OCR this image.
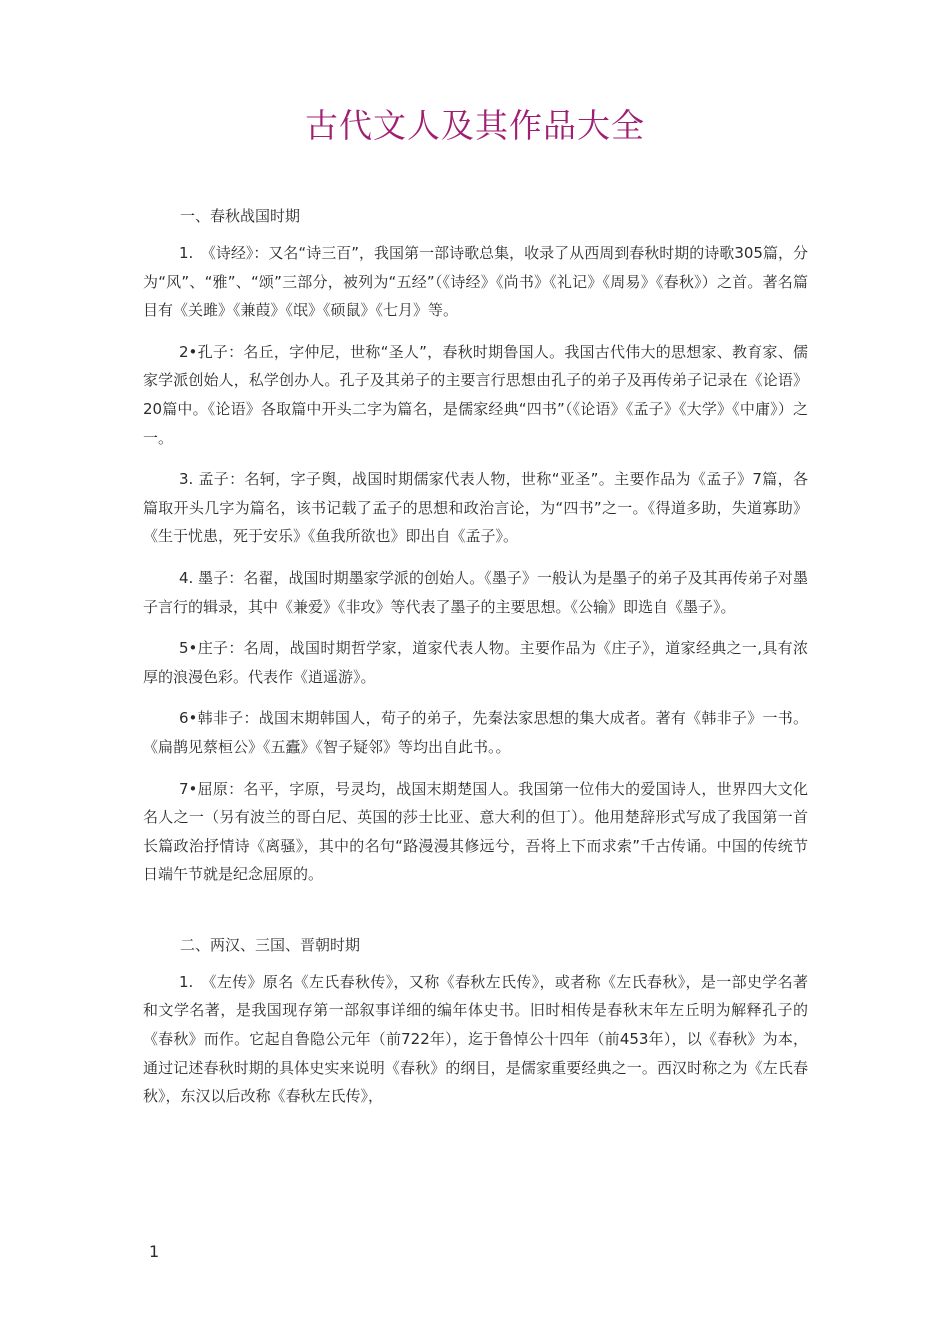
古代文人及其作品大全

一、春秋战国时期

1.　《诗经》：又名“诗三百”，我国第一部诗歌总集，收录了从西周到春秋时期的诗歌305篇，分为“风”、“雅”、“颂”三部分，被列为“五经”（《诗经》《尚书》《礼记》《周易》《春秋》）之首。著名篇目有《关雎》《兼葭》《氓》《硕鼠》《七月》等。

2•孔子：名丘，字仲尼，世称“圣人”，春秋时期鲁国人。我国古代伟大的思想家、教育家、儒家学派创始人，私学创办人。孔子及其弟子的主要言行思想由孔子的弟子及再传弟子记录在《论语》20篇中。《论语》各取篇中开头二字为篇名，是儒家经典“四书”（《论语》《孟子》《大学》《中庸》）之一。

3. 孟子：名轲，字子舆，战国时期儒家代表人物，世称“亚圣”。主要作品为《孟子》7篇，各篇取开头几字为篇名，该书记载了孟子的思想和政治言论，为“四书”之一。《得道多助，失道寡助》《生于忧患，死于安乐》《鱼我所欲也》即出自《孟子》。

4. 墨子：名翟，战国时期墨家学派的创始人。《墨子》一般认为是墨子的弟子及其再传弟子对墨子言行的辑录，其中《兼爱》《非攻》等代表了墨子的主要思想。《公输》即选自《墨子》。

5•庄子：名周，战国时期哲学家，道家代表人物。主要作品为《庄子》，道家经典之一,具有浓厚的浪漫色彩。代表作《逍遥游》。

6•韩非子：战国末期韩国人，荀子的弟子，先秦法家思想的集大成者。著有《韩非子》一书。《扁鹊见蔡桓公》《五蠹》《智子疑邻》等均出自此书。。

7•屈原：名平，字原，号灵均，战国末期楚国人。我国第一位伟大的爱国诗人，世界四大文化名人之一（另有波兰的哥白尼、英国的莎士比亚、意大利的但丁）。他用楚辞形式写成了我国第一首长篇政治抒情诗《离骚》，其中的名句“路漫漫其修远兮，吾将上下而求索”千古传诵。中国的传统节日端午节就是纪念屈原的。

二、两汉、三国、晋朝时期

1.　《左传》原名《左氏春秋传》，又称《春秋左氏传》，或者称《左氏春秋》，是一部史学名著和文学名著，是我国现存第一部叙事详细的编年体史书。旧时相传是春秋末年左丘明为解释孔子的《春秋》而作。它起自鲁隐公元年（前722年），迄于鲁悼公十四年（前453年），以《春秋》为本，通过记述春秋时期的具体史实来说明《春秋》的纲目，是儒家重要经典之一。西汉时称之为《左氏春秋》，东汉以后改称《春秋左氏传》，

1
